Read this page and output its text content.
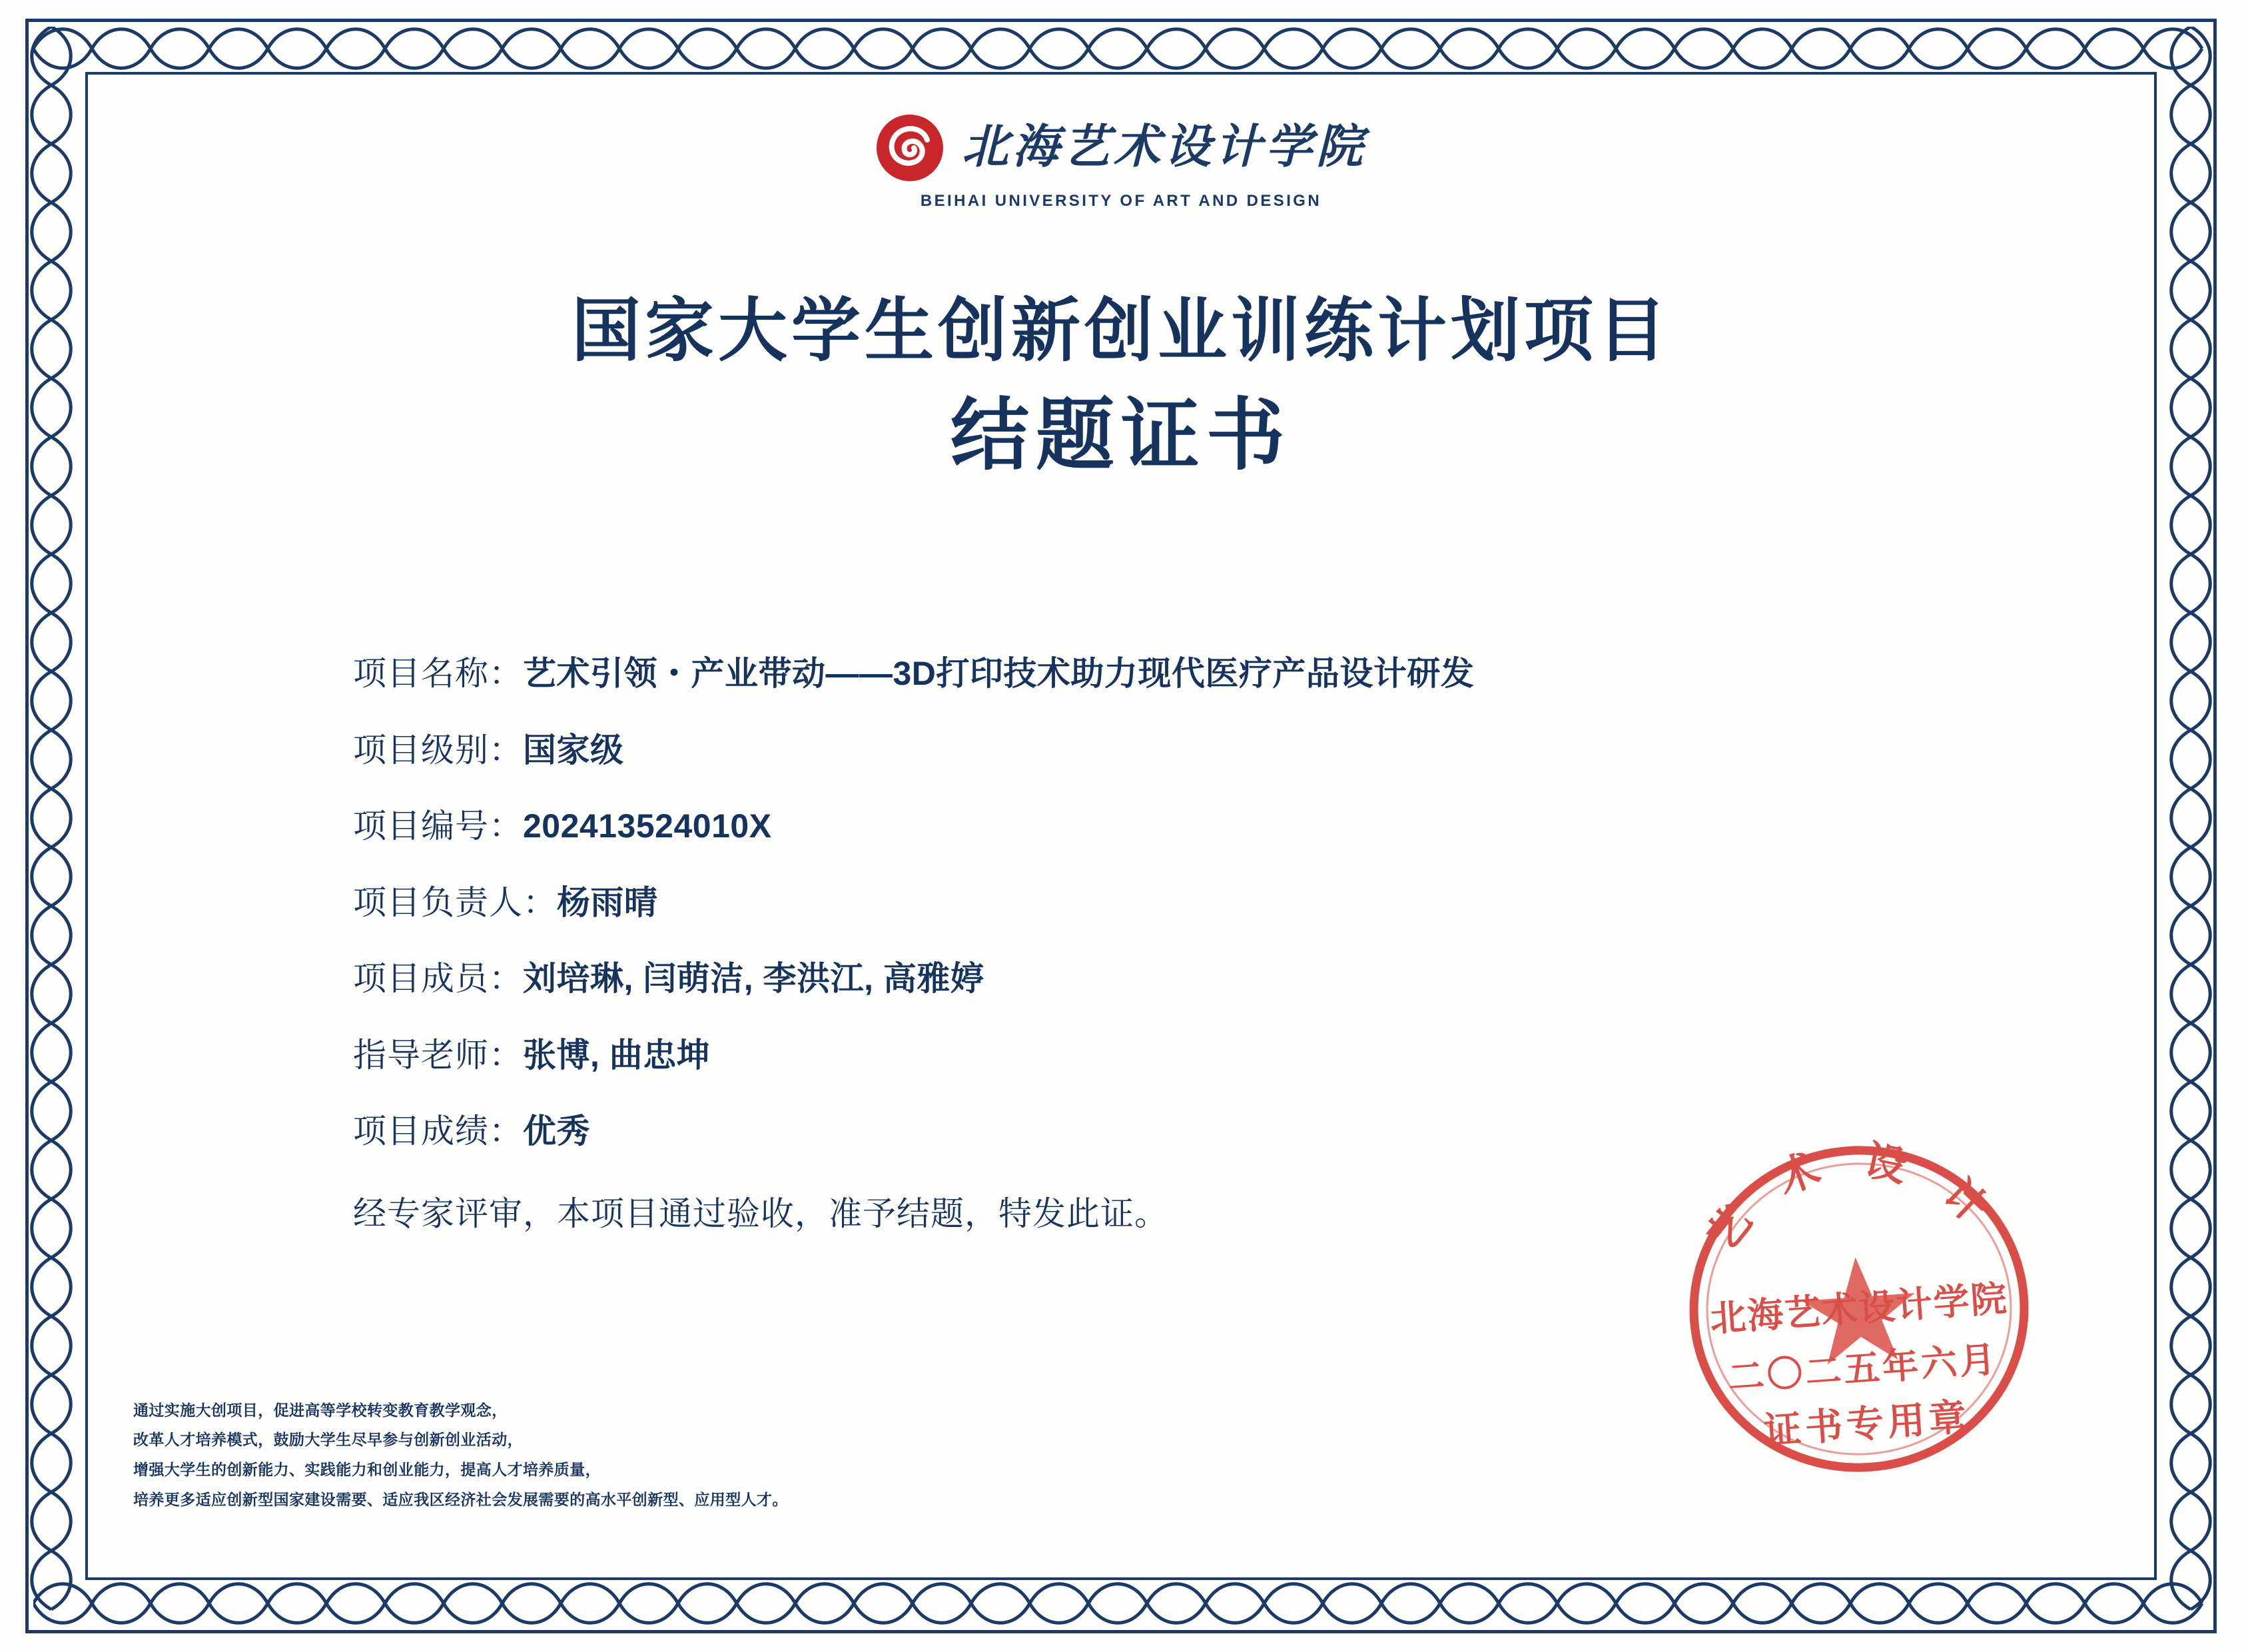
北海艺术设计学院
BEIHAI UNIVERSITY OF ART AND DESIGN
国家大学生创新创业训练计划项目
结题证书
项目名称： 艺术引领・产业带动——3D打印技术助力现代医疗产品设计研发
项目级别： 国家级
项目编号： 202413524010X
项目负责人： 杨雨晴
项目成员： 刘培琳, 闫萌洁, 李洪江, 高雅婷
指导老师： 张博, 曲忠坤
项目成绩： 优秀
经专家评审，本项目通过验收，准予结题，特发此证。
通过实施大创项目，促进高等学校转变教育教学观念，
改革人才培养模式，鼓励大学生尽早参与创新创业活动，
增强大学生的创新能力、实践能力和创业能力，提高人才培养质量，
培养更多适应创新型国家建设需要、适应我区经济社会发展需要的高水平创新型、应用型人才。
艺 术 设 计
北海艺术设计学院
二〇二五年六月
证书专用章
